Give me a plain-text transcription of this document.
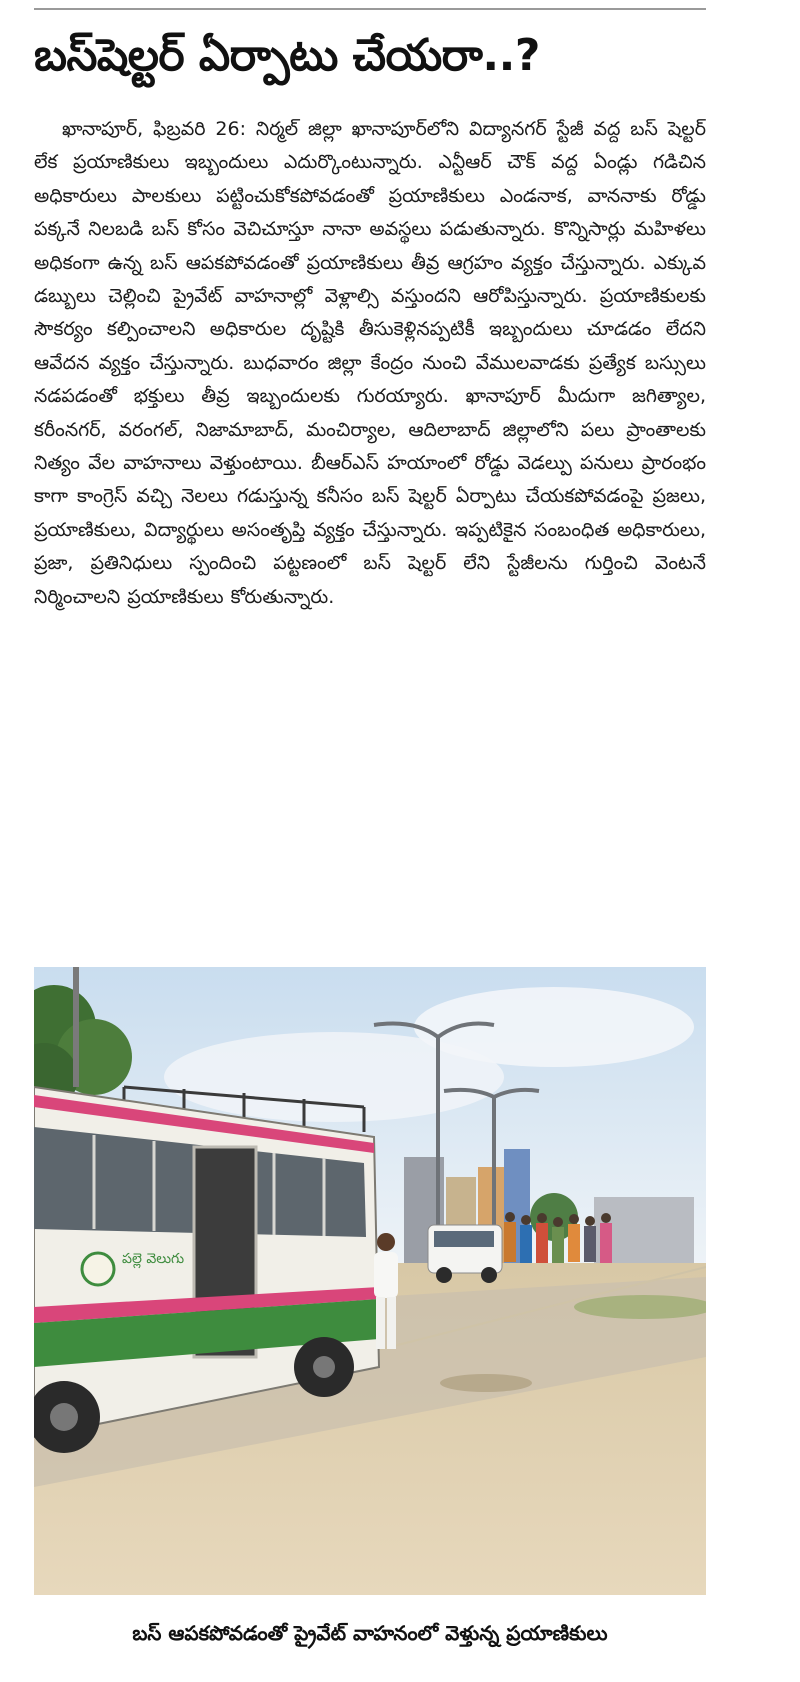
బస్‌షెల్టర్ ఏర్పాటు చేయరా..?

ఖానాపూర్, ఫిబ్రవరి 26: నిర్మల్ జిల్లా ఖానాపూర్‌లోని విద్యానగర్ స్టేజీ వద్ద బస్ షెల్టర్ లేక ప్రయాణికులు ఇబ్బందులు ఎదుర్కొంటున్నారు. ఎన్టీఆర్ చౌక్ వద్ద ఏండ్లు గడిచిన అధికారులు పాలకులు పట్టించుకోకపోవడంతో ప్రయాణికులు ఎండనాక, వాననాకు రోడ్డు పక్కనే నిలబడి బస్ కోసం వెచిచూస్తూ నానా అవస్థలు పడుతున్నారు. కొన్నిసార్లు మహిళలు అధికంగా ఉన్న బస్ ఆపకపోవడంతో ప్రయాణికులు తీవ్ర ఆగ్రహం వ్యక్తం చేస్తున్నారు. ఎక్కువ డబ్బులు చెల్లించి ప్రైవేట్ వాహనాల్లో వెళ్లాల్సి వస్తుందని ఆరోపిస్తున్నారు. ప్రయాణికులకు సౌకర్యం కల్పించాలని అధికారుల దృష్టికి తీసుకెళ్లినప్పటికీ ఇబ్బందులు చూడడం లేదని ఆవేదన వ్యక్తం చేస్తున్నారు. బుధవారం జిల్లా కేంద్రం నుంచి వేములవాడకు ప్రత్యేక బస్సులు నడపడంతో భక్తులు తీవ్ర ఇబ్బందులకు గురయ్యారు. ఖానాపూర్ మీదుగా జగిత్యాల, కరీంనగర్, వరంగల్, నిజామాబాద్, మంచిర్యాల, ఆదిలాబాద్ జిల్లాలోని పలు ప్రాంతాలకు నిత్యం వేల వాహనాలు వెళ్తుంటాయి. బీఆర్ఎస్ హయాంలో రోడ్డు వెడల్పు పనులు ప్రారంభం కాగా కాంగ్రెస్ వచ్చి నెలలు గడుస్తున్న కనీసం బస్ షెల్టర్ ఏర్పాటు చేయకపోవడంపై ప్రజలు, ప్రయాణికులు, విద్యార్థులు అసంతృప్తి వ్యక్తం చేస్తున్నారు. ఇప్పటికైన సంబంధిత అధికారులు, ప్రజా, ప్రతినిధులు స్పందించి పట్టణంలో బస్ షెల్టర్ లేని స్టేజీలను గుర్తించి వెంటనే నిర్మించాలని ప్రయాణికులు కోరుతున్నారు.

పల్లె వెలుగు

బస్ ఆపకపోవడంతో ప్రైవేట్ వాహనంలో వెళ్తున్న ప్రయాణికులు
